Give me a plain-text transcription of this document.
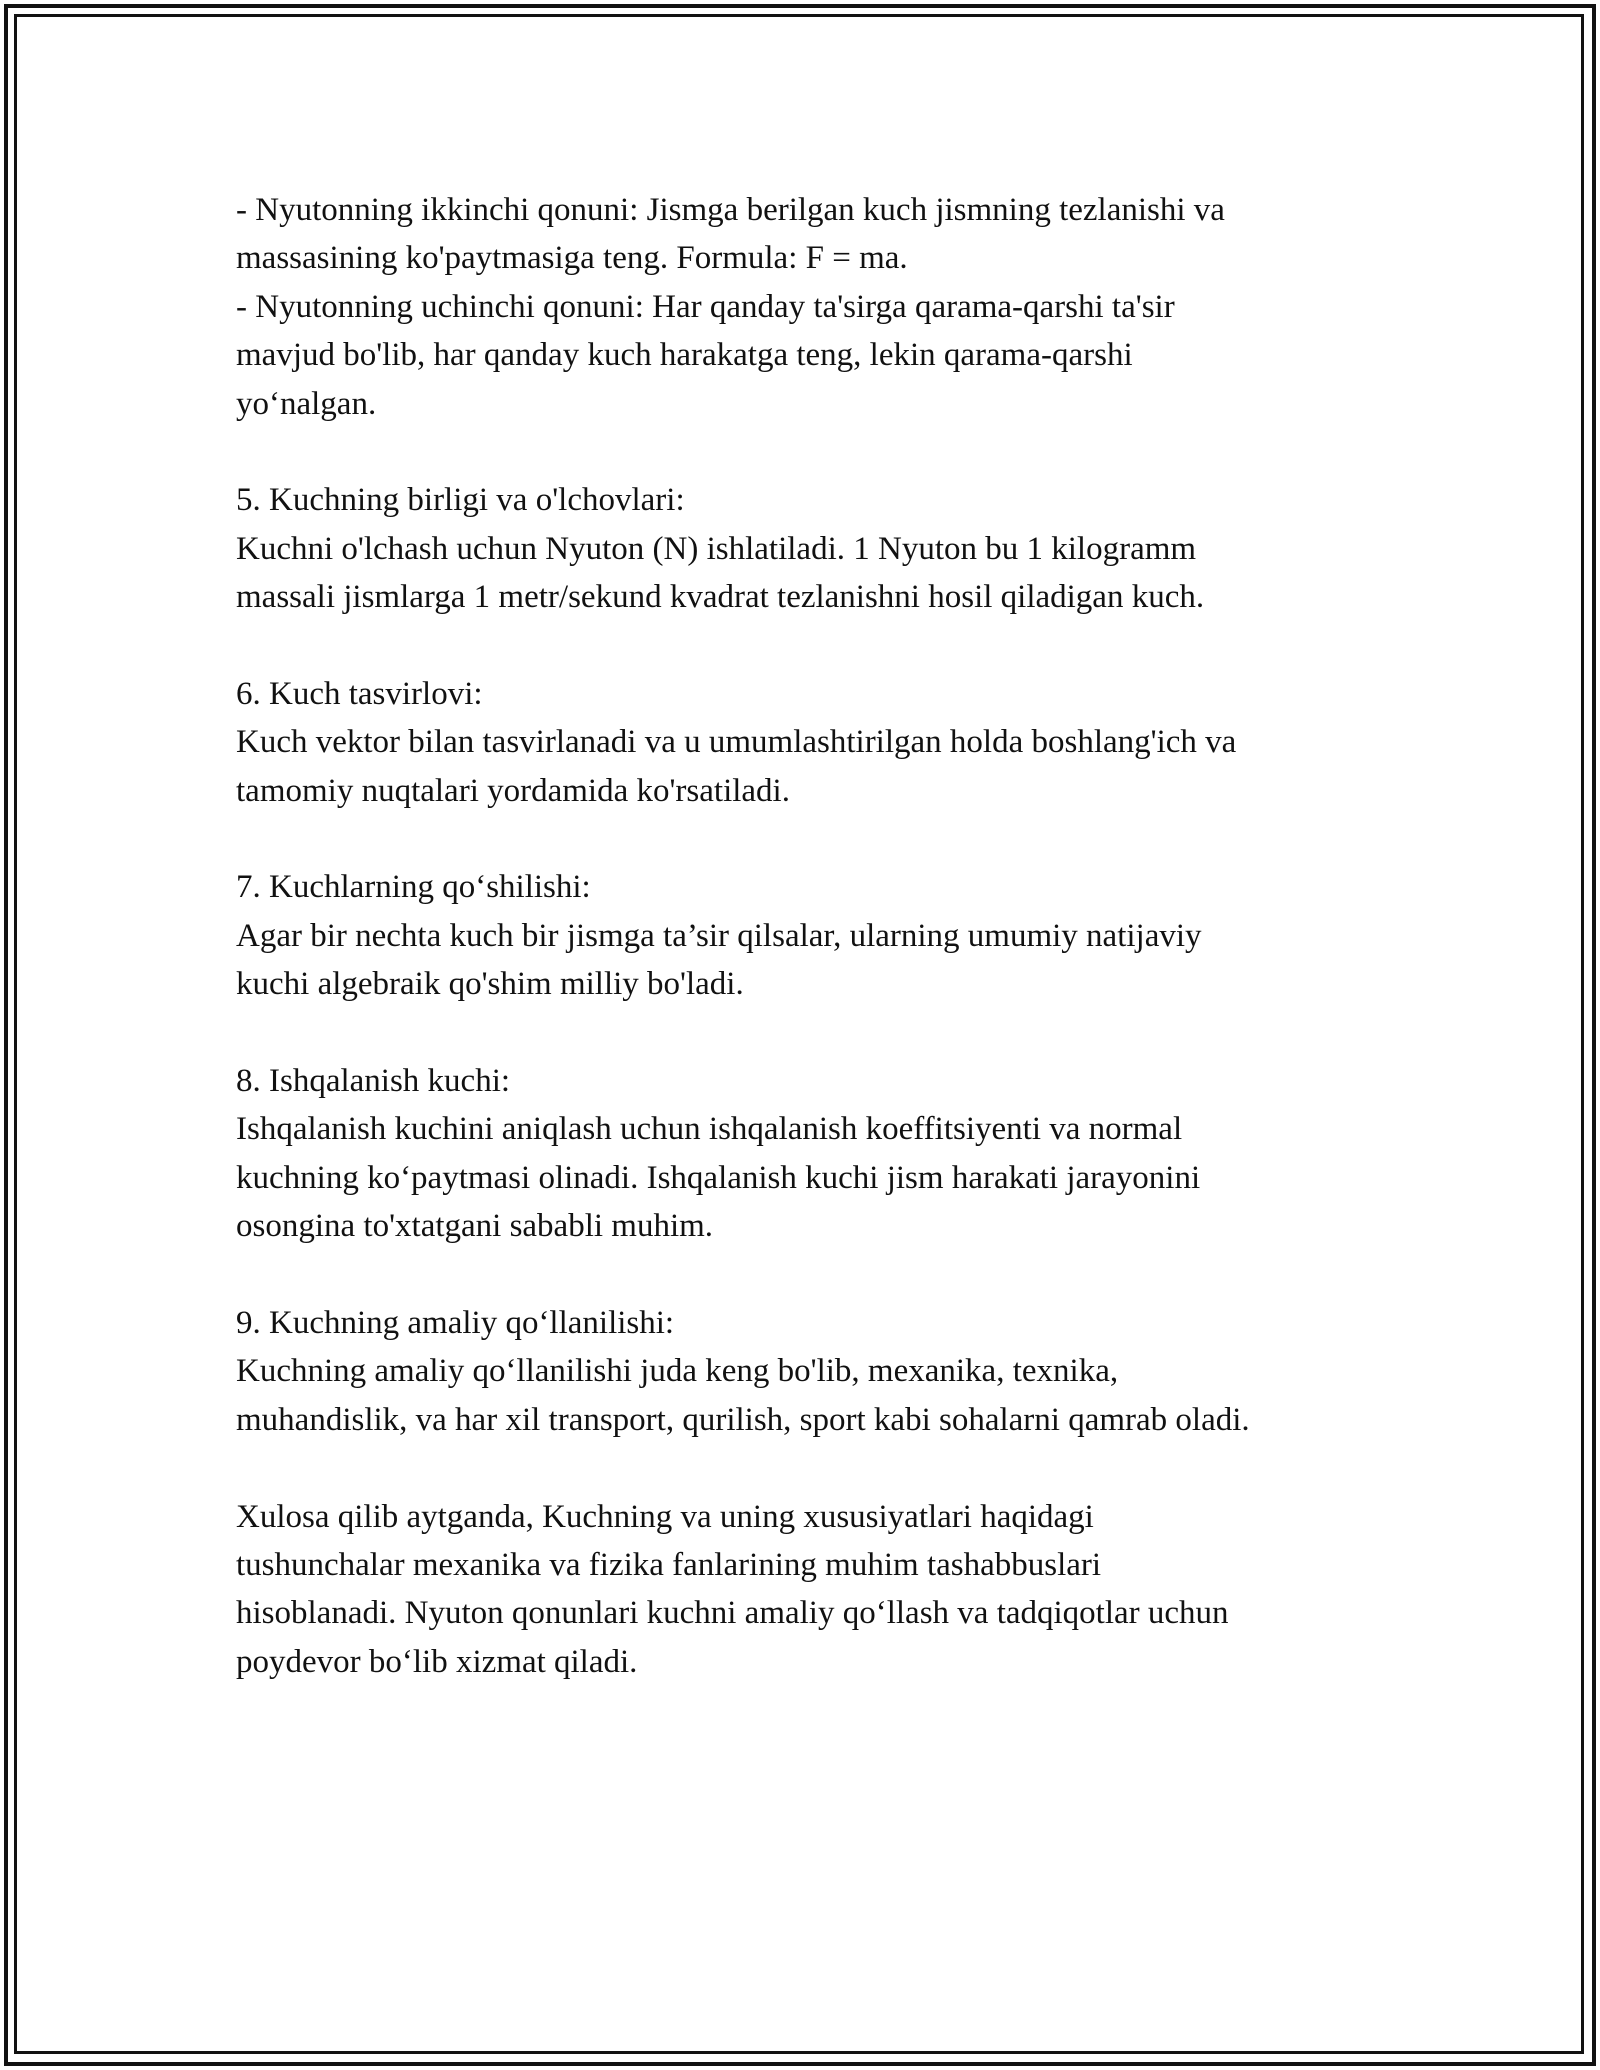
- Nyutonning ikkinchi qonuni: Jismga berilgan kuch jismning tezlanishi va
massasining ko'paytmasiga teng. Formula: F = ma.
- Nyutonning uchinchi qonuni: Har qanday ta'sirga qarama-qarshi ta'sir
mavjud bo'lib, har qanday kuch harakatga teng, lekin qarama-qarshi
yo‘nalgan.
5. Kuchning birligi va o'lchovlari:
Kuchni o'lchash uchun Nyuton (N) ishlatiladi. 1 Nyuton bu 1 kilogramm
massali jismlarga 1 metr/sekund kvadrat tezlanishni hosil qiladigan kuch.
6. Kuch tasvirlovi:
Kuch vektor bilan tasvirlanadi va u umumlashtirilgan holda boshlang'ich va
tamomiy nuqtalari yordamida ko'rsatiladi.
7. Kuchlarning qo‘shilishi:
Agar bir nechta kuch bir jismga ta’sir qilsalar, ularning umumiy natijaviy
kuchi algebraik qo'shim milliy bo'ladi.
8. Ishqalanish kuchi:
Ishqalanish kuchini aniqlash uchun ishqalanish koeffitsiyenti va normal
kuchning ko‘paytmasi olinadi. Ishqalanish kuchi jism harakati jarayonini
osongina to'xtatgani sababli muhim.
9. Kuchning amaliy qo‘llanilishi:
Kuchning amaliy qo‘llanilishi juda keng bo'lib, mexanika, texnika,
muhandislik, va har xil transport, qurilish, sport kabi sohalarni qamrab oladi.
Xulosa qilib aytganda, Kuchning va uning xususiyatlari haqidagi
tushunchalar mexanika va fizika fanlarining muhim tashabbuslari
hisoblanadi. Nyuton qonunlari kuchni amaliy qo‘llash va tadqiqotlar uchun
poydevor bo‘lib xizmat qiladi.
